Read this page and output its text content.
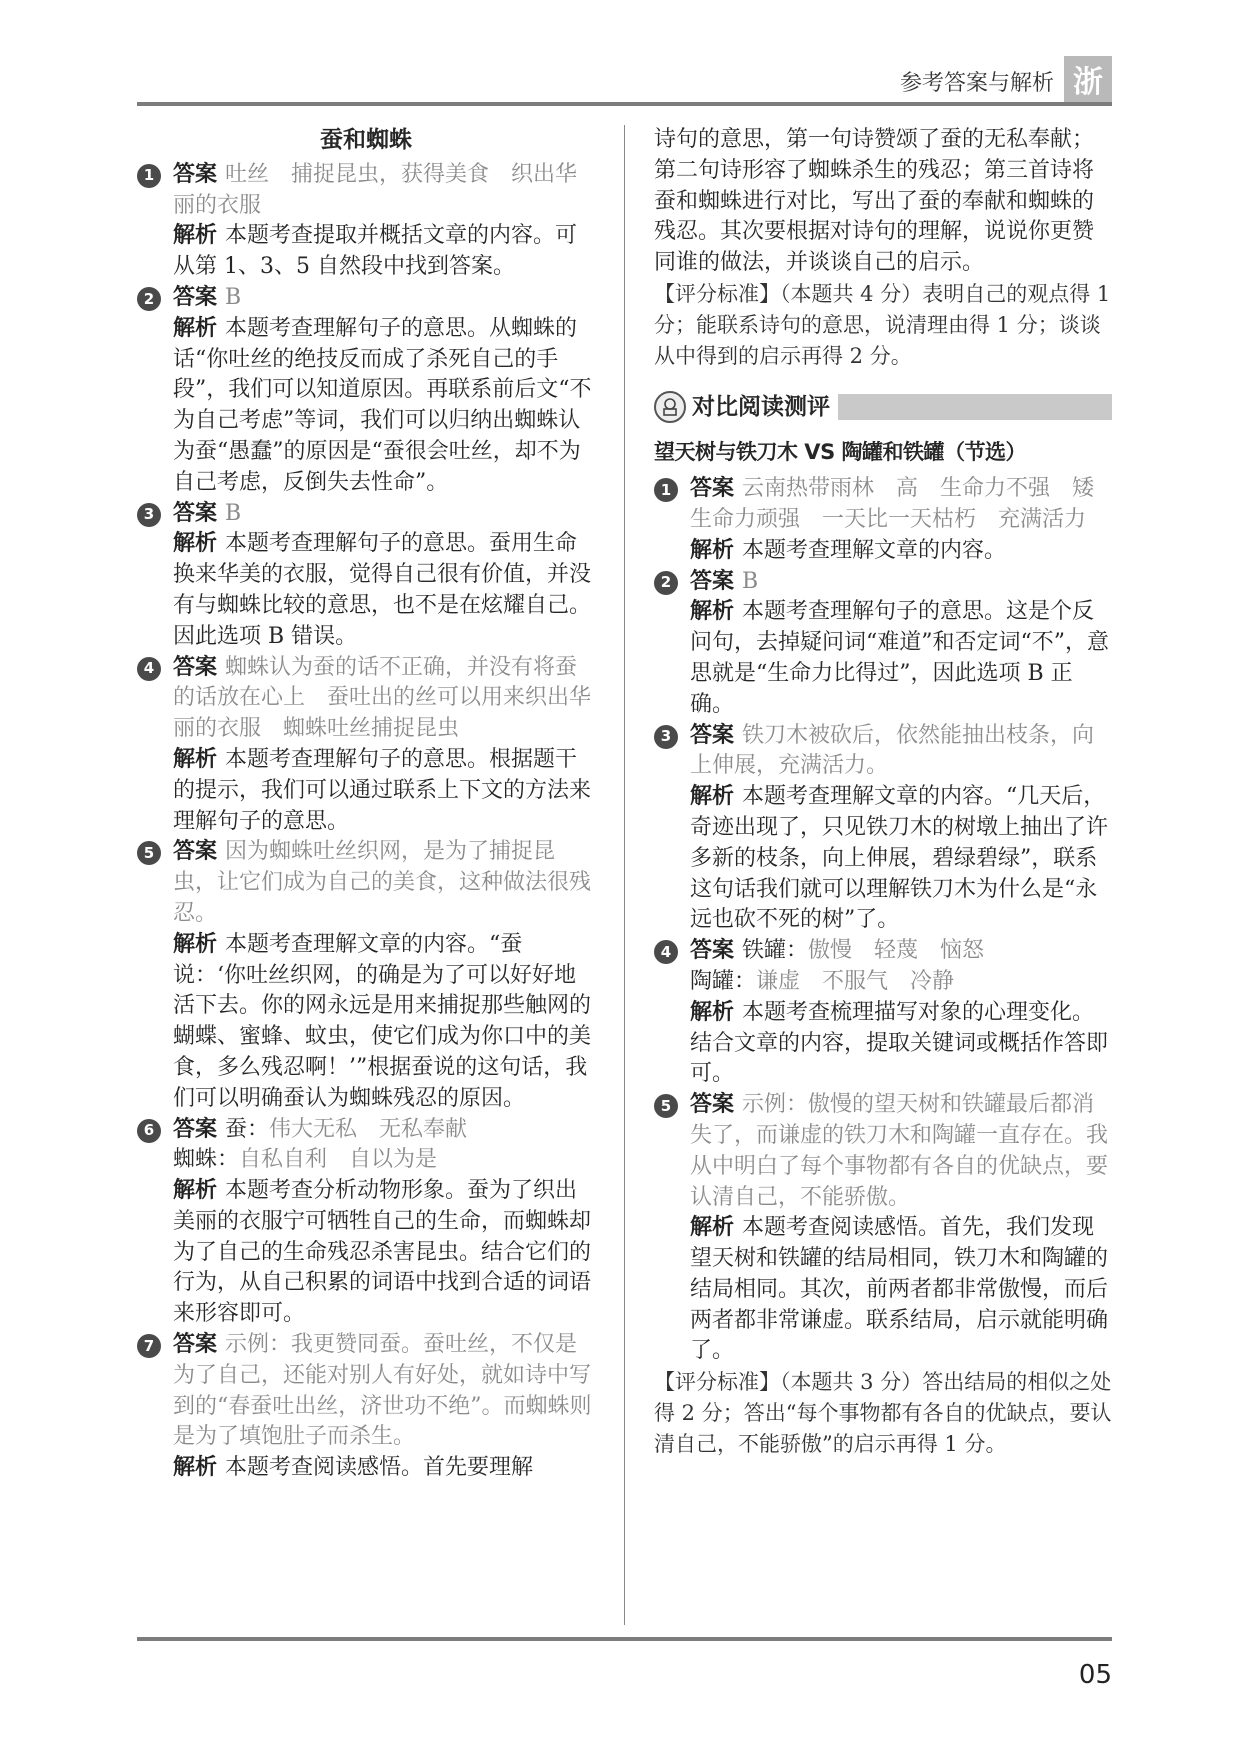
参考答案与解析 浙
蚕和蜘蛛
1 答案 吐丝　捕捉昆虫，获得美食　织出华丽的衣服

解析 本题考查提取并概括文章的内容。可从第 1、3、5 自然段中找到答案。

2 答案 B

解析 本题考查理解句子的意思。从蜘蛛的话“你吐丝的绝技反而成了杀死自己的手段”，我们可以知道原因。再联系前后文“不为自己考虑”等词，我们可以归纳出蜘蛛认为蚕“愚蠢”的原因是“蚕很会吐丝，却不为自己考虑，反倒失去性命”。

3 答案 B

解析 本题考查理解句子的意思。蚕用生命换来华美的衣服，觉得自己很有价值，并没有与蜘蛛比较的意思，也不是在炫耀自己。因此选项 B 错误。

4 答案 蜘蛛认为蚕的话不正确，并没有将蚕的话放在心上　蚕吐出的丝可以用来织出华丽的衣服　蜘蛛吐丝捕捉昆虫

解析 本题考查理解句子的意思。根据题干的提示，我们可以通过联系上下文的方法来理解句子的意思。

5 答案 因为蜘蛛吐丝织网，是为了捕捉昆虫，让它们成为自己的美食，这种做法很残忍。

解析 本题考查理解文章的内容。“蚕说：‘你吐丝织网，的确是为了可以好好地活下去。你的网永远是用来捕捉那些触网的蝴蝶、蜜蜂、蚊虫，使它们成为你口中的美食，多么残忍啊！’”根据蚕说的这句话，我们可以明确蚕认为蜘蛛残忍的原因。

6 答案 蚕：伟大无私　无私奉献

蜘蛛：自私自利　自以为是

解析 本题考查分析动物形象。蚕为了织出美丽的衣服宁可牺牲自己的生命，而蜘蛛却为了自己的生命残忍杀害昆虫。结合它们的行为，从自己积累的词语中找到合适的词语来形容即可。

7 答案 示例：我更赞同蚕。蚕吐丝，不仅是为了自己，还能对别人有好处，就如诗中写到的“春蚕吐出丝，济世功不绝”。而蜘蛛则是为了填饱肚子而杀生。

解析 本题考查阅读感悟。首先要理解

诗句的意思，第一句诗赞颂了蚕的无私奉献；第二句诗形容了蜘蛛杀生的残忍；第三首诗将蚕和蜘蛛进行对比，写出了蚕的奉献和蜘蛛的残忍。其次要根据对诗句的理解，说说你更赞同谁的做法，并谈谈自己的启示。

【评分标准】（本题共 4 分）表明自己的观点得 1 分；能联系诗句的意思，说清理由得 1 分；谈谈从中得到的启示再得 2 分。

对比阅读测评
望天树与铁刀木 VS 陶罐和铁罐（节选）
1 答案 云南热带雨林　高　生命力不强　矮　生命力顽强　一天比一天枯朽　充满活力

解析 本题考查理解文章的内容。

2 答案 B

解析 本题考查理解句子的意思。这是个反问句，去掉疑问词“难道”和否定词“不”，意思就是“生命力比得过”，因此选项 B 正确。

3 答案 铁刀木被砍后，依然能抽出枝条，向上伸展，充满活力。

解析 本题考查理解文章的内容。“几天后，奇迹出现了，只见铁刀木的树墩上抽出了许多新的枝条，向上伸展，碧绿碧绿”，联系这句话我们就可以理解铁刀木为什么是“永远也砍不死的树”了。

4 答案 铁罐：傲慢　轻蔑　恼怒

陶罐：谦虚　不服气　冷静

解析 本题考查梳理描写对象的心理变化。结合文章的内容，提取关键词或概括作答即可。

5 答案 示例：傲慢的望天树和铁罐最后都消失了，而谦虚的铁刀木和陶罐一直存在。我从中明白了每个事物都有各自的优缺点，要认清自己，不能骄傲。

解析 本题考查阅读感悟。首先，我们发现望天树和铁罐的结局相同，铁刀木和陶罐的结局相同。其次，前两者都非常傲慢，而后两者都非常谦虚。联系结局，启示就能明确了。

【评分标准】（本题共 3 分）答出结局的相似之处得 2 分；答出“每个事物都有各自的优缺点，要认清自己，不能骄傲”的启示再得 1 分。

05
